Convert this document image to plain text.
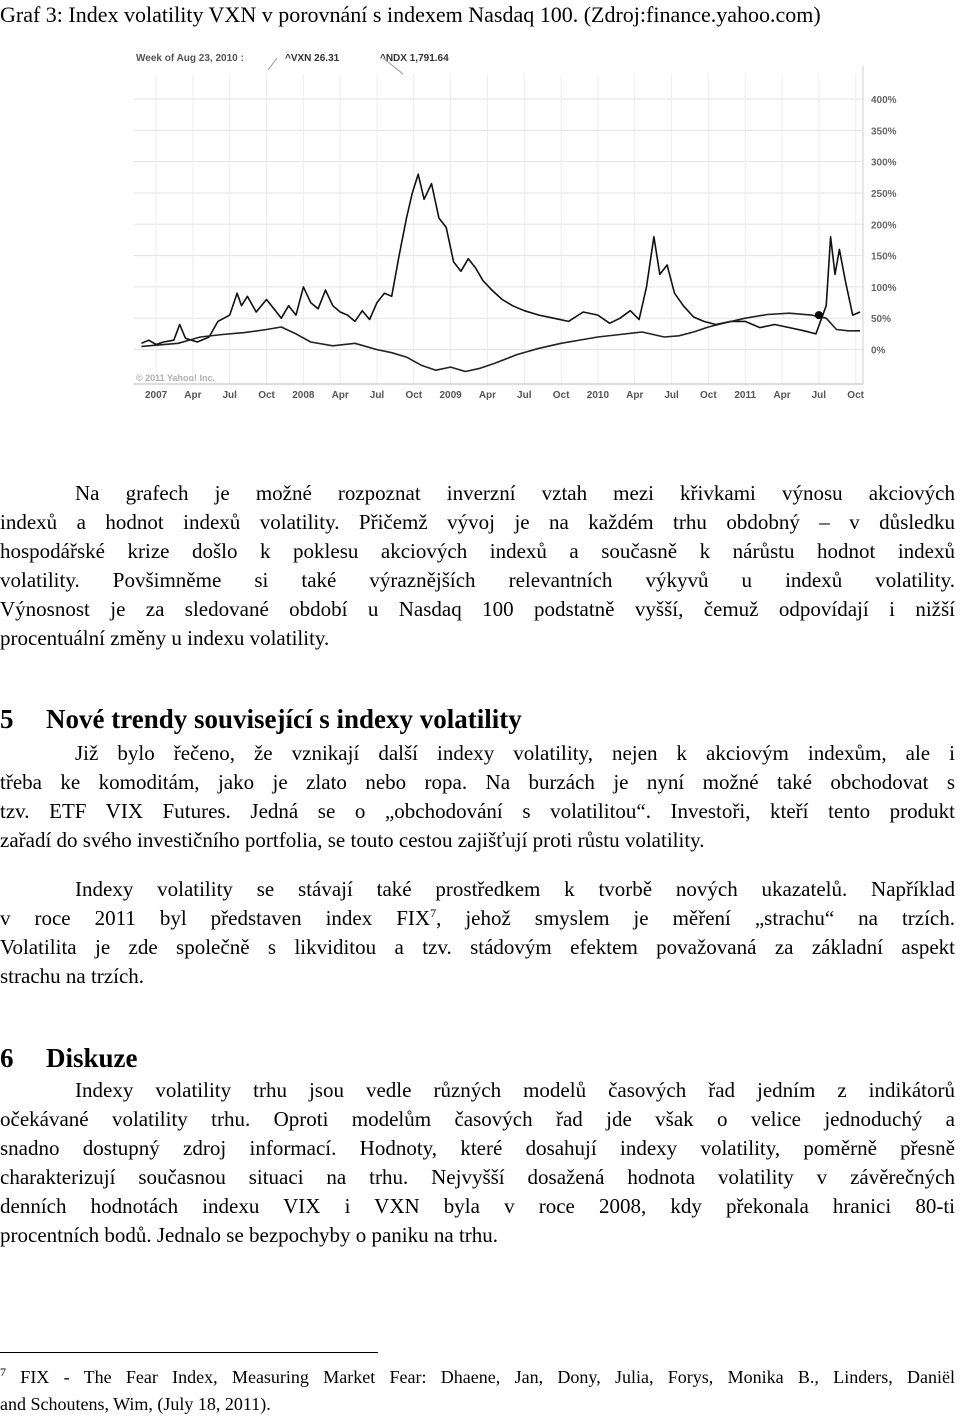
Graf 3: Index volatility VXN v porovnání s indexem Nasdaq 100. (Zdroj:finance.yahoo.com)
Week of Aug 23, 2010 :	^VXN 26.31	^NDX 1,791.64
400%
350%
300%
250%
200%
150%
100%
50%
0%
2007 Apr Jul Oct 2008 Apr Jul Oct 2009 Apr Jul Oct 2010 Apr Jul Oct 2011 Apr Jul Oct
© 2011 Yahoo! Inc.
Na grafech je možné rozpoznat inverzní vztah mezi křivkami výnosu akciových
indexů a hodnot indexů volatility. Přičemž vývoj je na každém trhu obdobný – v důsledku
hospodářské krize došlo k poklesu akciových indexů a současně k nárůstu hodnot indexů
volatility. Povšimněme si také výraznějších relevantních výkyvů u indexů volatility.
Výnosnost je za sledované období u Nasdaq 100 podstatně vyšší, čemuž odpovídají i nižší
procentuální změny u indexu volatility.
5 Nové trendy související s indexy volatility
Již bylo řečeno, že vznikají další indexy volatility, nejen k akciovým indexům, ale i
třeba ke komoditám, jako je zlato nebo ropa. Na burzách je nyní možné také obchodovat s
tzv. ETF VIX Futures. Jedná se o „obchodování s volatilitou“. Investoři, kteří tento produkt
zařadí do svého investičního portfolia, se touto cestou zajišťují proti růstu volatility.
Indexy volatility se stávají také prostředkem k tvorbě nových ukazatelů. Například
v roce 2011 byl představen index FIX$^7$, jehož smyslem je měření „strachu“ na trzích.
Volatilita je zde společně s likviditou a tzv. stádovým efektem považovaná za základní aspekt
strachu na trzích.
6 Diskuze
Indexy volatility trhu jsou vedle různých modelů časových řad jedním z indikátorů
očekávané volatility trhu. Oproti modelům časových řad jde však o velice jednoduchý a
snadno dostupný zdroj informací. Hodnoty, které dosahují indexy volatility, poměrně přesně
charakterizují současnou situaci na trhu. Nejvyšší dosažená hodnota volatility v závěrečných
denních hodnotách indexu VIX i VXN byla v roce 2008, kdy překonala hranici 80-ti
procentních bodů. Jednalo se bezpochyby o paniku na trhu.
$^7$ FIX - The Fear Index, Measuring Market Fear: Dhaene, Jan, Dony, Julia, Forys, Monika B., Linders, Daniël
and Schoutens, Wim, (July 18, 2011).
